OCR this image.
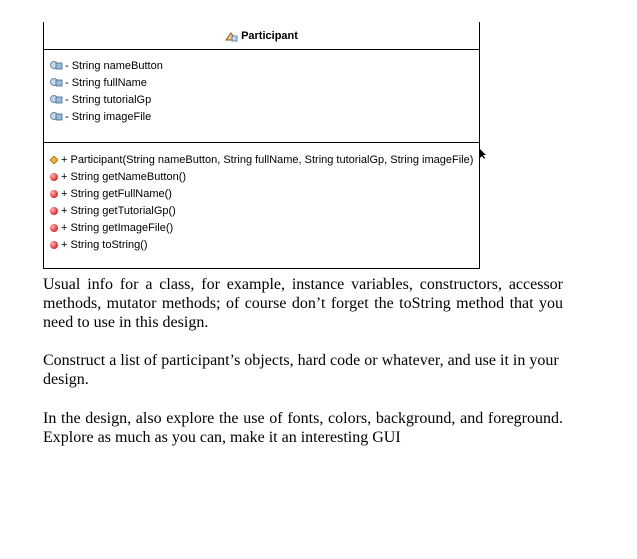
Participant
- String nameButton
- String fullName
- String tutorialGp
- String imageFile
+ Participant(String nameButton, String fullName, String tutorialGp, String imageFile)
+ String getNameButton()
+ String getFullName()
+ String getTutorialGp()
+ String getImageFile()
+ String toString()

Usual info for a class, for example, instance variables, constructors, accessor methods, mutator methods; of course don’t forget the toString method that you need to use in this design.

Construct a list of participant’s objects, hard code or whatever, and use it in your design.

In the design, also explore the use of fonts, colors, background, and foreground. Explore as much as you can, make it an interesting GUI
